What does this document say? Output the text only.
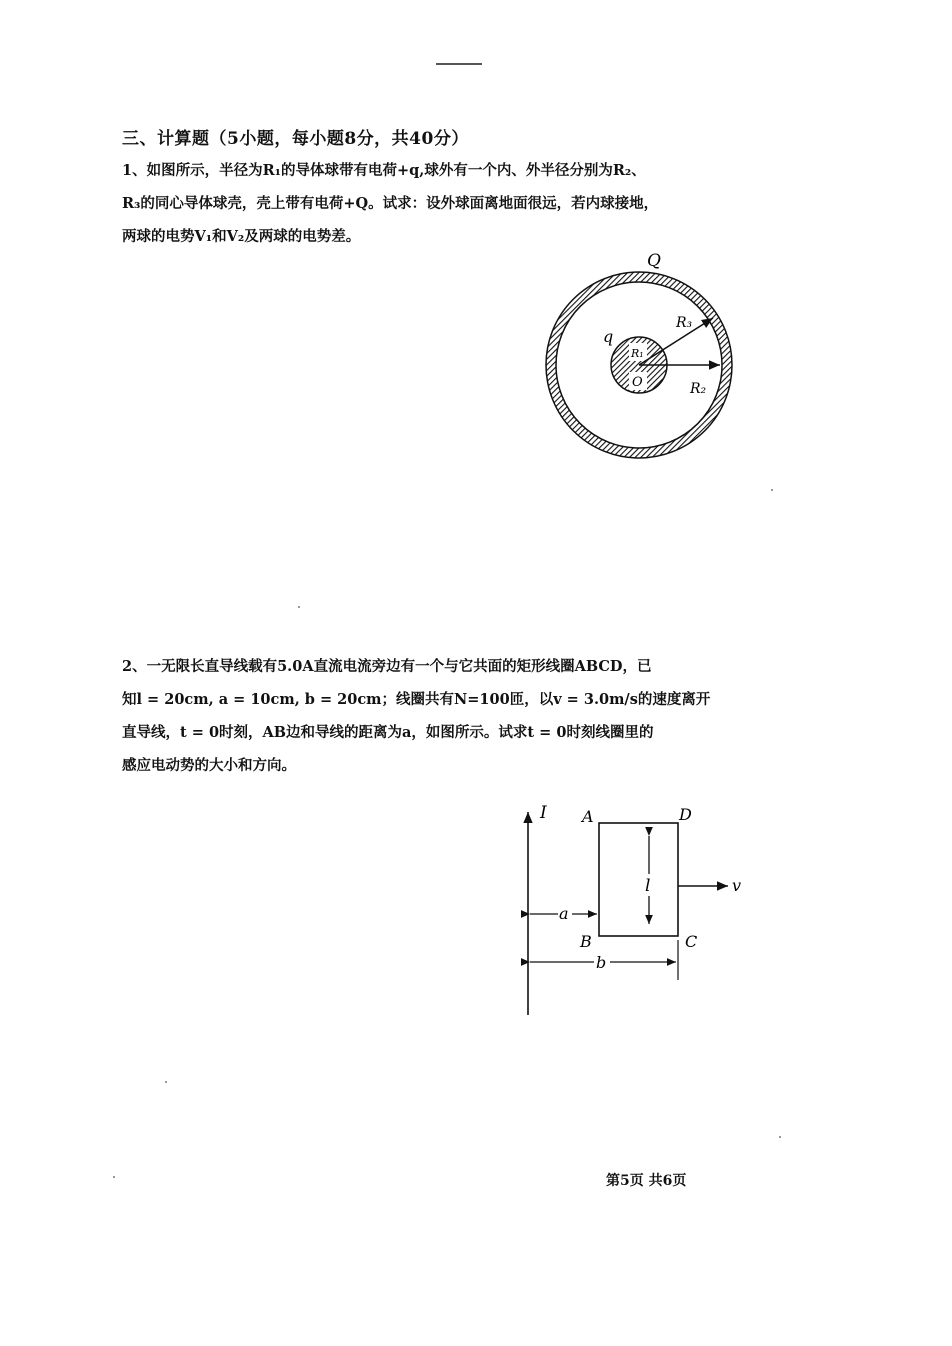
三、计算题（5小题，每小题8分，共40分）
1、如图所示，半径为R₁的导体球带有电荷+q,球外有一个内、外半径分别为R₂、
R₃的同心导体球壳，壳上带有电荷+Q。试求：设外球面离地面很远，若内球接地，
两球的电势V₁和V₂及两球的电势差。
Q
q
R₁
O
R₃
R₂
2、一无限长直导线载有5.0A直流电流旁边有一个与它共面的矩形线圈ABCD，已
知l = 20cm, a = 10cm, b = 20cm；线圈共有N=100匝，以v = 3.0m/s的速度离开
直导线，t = 0时刻，AB边和导线的距离为a，如图所示。试求t = 0时刻线圈里的
感应电动势的大小和方向。
I A	D
B	C
l	v
a
b
第5页 共6页
